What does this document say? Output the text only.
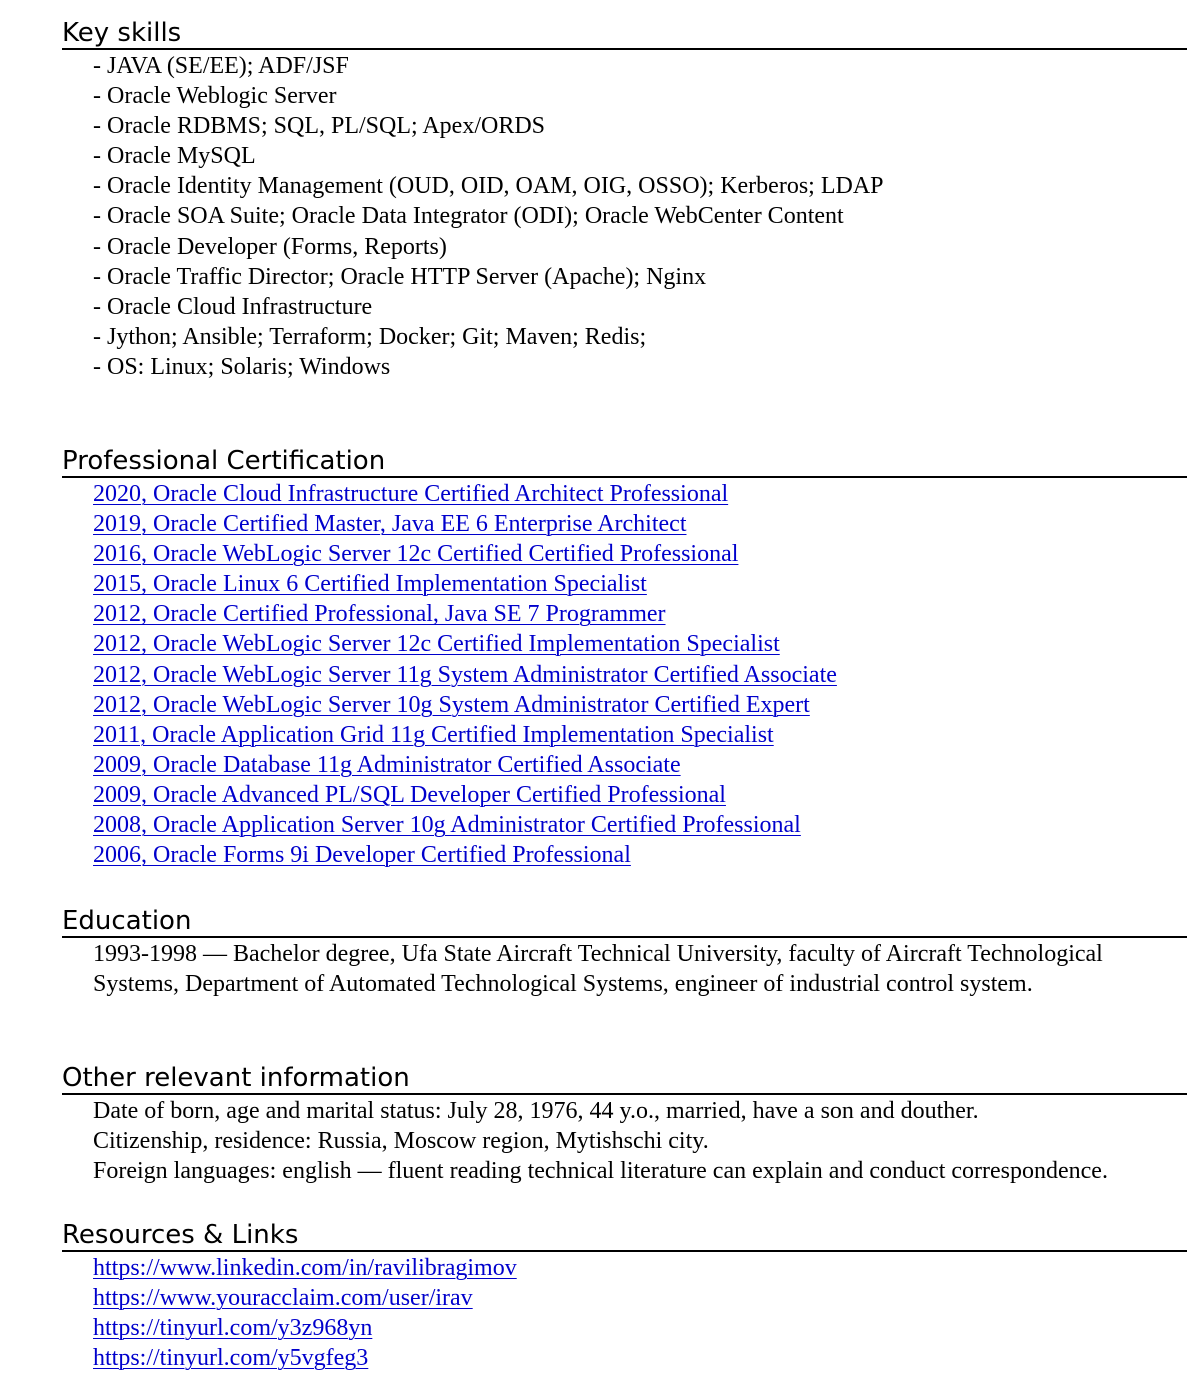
Key skills
- JAVA (SE/EE); ADF/JSF
- Oracle Weblogic Server
- Oracle RDBMS; SQL, PL/SQL; Apex/ORDS
- Oracle MySQL
- Oracle Identity Management (OUD, OID, OAM, OIG, OSSO); Kerberos; LDAP
- Oracle SOA Suite; Oracle Data Integrator (ODI); Oracle WebCenter Content
- Oracle Developer (Forms, Reports)
- Oracle Traffic Director; Oracle HTTP Server (Apache); Nginx
- Oracle Cloud Infrastructure
- Jython; Ansible; Terraform; Docker; Git; Maven; Redis;
- OS: Linux; Solaris; Windows
Professional Certification
2020, Oracle Cloud Infrastructure Certified Architect Professional
2019, Oracle Certified Master, Java EE 6 Enterprise Architect
2016, Oracle WebLogic Server 12c Certified Certified Professional
2015, Oracle Linux 6 Certified Implementation Specialist
2012, Oracle Certified Professional, Java SE 7 Programmer
2012, Oracle WebLogic Server 12c Certified Implementation Specialist
2012, Oracle WebLogic Server 11g System Administrator Certified Associate
2012, Oracle WebLogic Server 10g System Administrator Certified Expert
2011, Oracle Application Grid 11g Certified Implementation Specialist
2009, Oracle Database 11g Administrator Certified Associate
2009, Oracle Advanced PL/SQL Developer Certified Professional
2008, Oracle Application Server 10g Administrator Certified Professional
2006, Oracle Forms 9i Developer Certified Professional
Education
1993-1998 — Bachelor degree, Ufa State Aircraft Technical University, faculty of Aircraft Technological
Systems, Department of Automated Technological Systems, engineer of industrial control system.
Other relevant information
Date of born, age and marital status: July 28, 1976, 44 y.o., married, have a son and douther.
Citizenship, residence: Russia, Moscow region, Mytishschi city.
Foreign languages: english — fluent reading technical literature can explain and conduct correspondence.
Resources & Links
https://www.linkedin.com/in/ravilibragimov
https://www.youracclaim.com/user/irav
https://tinyurl.com/y3z968yn
https://tinyurl.com/y5vgfeg3
